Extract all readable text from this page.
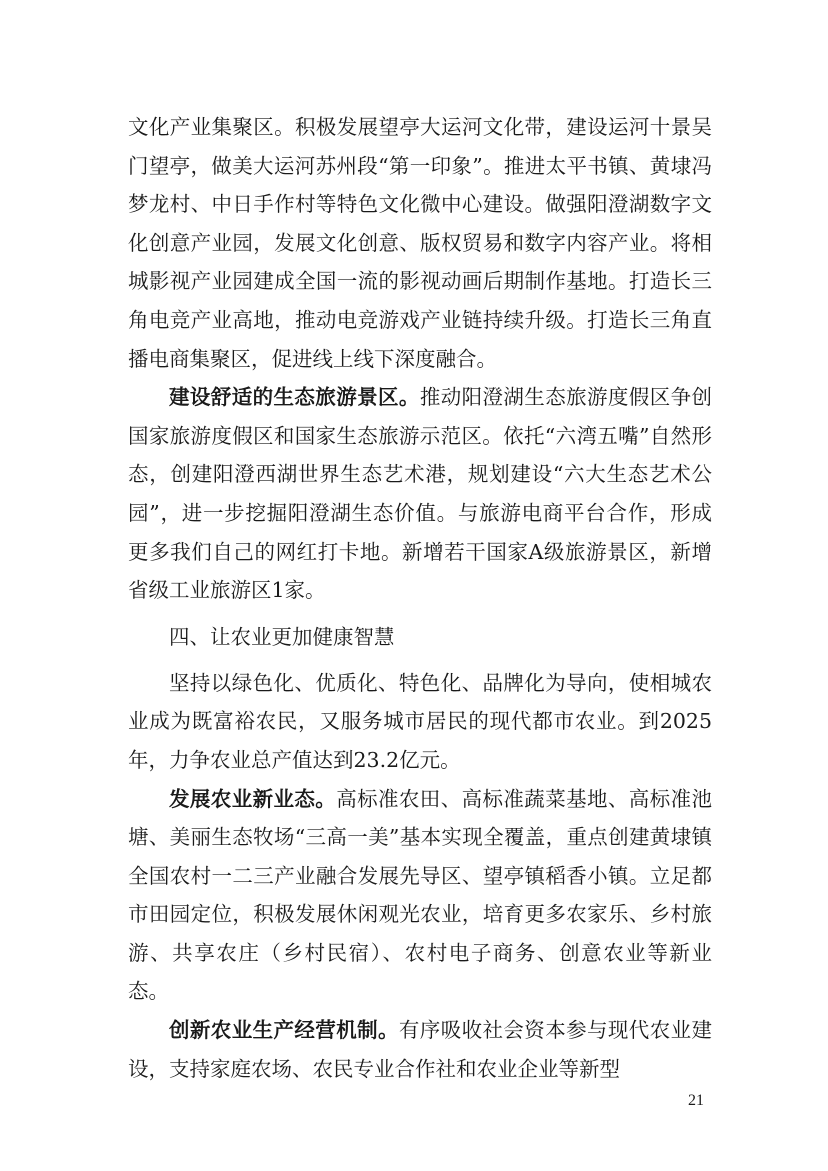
文化产业集聚区。积极发展望亭大运河文化带，建设运河十景吴门望亭，做美大运河苏州段“第一印象”。推进太平书镇、黄埭冯梦龙村、中日手作村等特色文化微中心建设。做强阳澄湖数字文化创意产业园，发展文化创意、版权贸易和数字内容产业。将相城影视产业园建成全国一流的影视动画后期制作基地。打造长三角电竞产业高地，推动电竞游戏产业链持续升级。打造长三角直播电商集聚区，促进线上线下深度融合。

建设舒适的生态旅游景区。推动阳澄湖生态旅游度假区争创国家旅游度假区和国家生态旅游示范区。依托“六湾五嘴”自然形态，创建阳澄西湖世界生态艺术港，规划建设“六大生态艺术公园”，进一步挖掘阳澄湖生态价值。与旅游电商平台合作，形成更多我们自己的网红打卡地。新增若干国家A级旅游景区，新增省级工业旅游区1家。

四、让农业更加健康智慧

坚持以绿色化、优质化、特色化、品牌化为导向，使相城农业成为既富裕农民，又服务城市居民的现代都市农业。到2025年，力争农业总产值达到23.2亿元。

发展农业新业态。高标准农田、高标准蔬菜基地、高标准池塘、美丽生态牧场“三高一美”基本实现全覆盖，重点创建黄埭镇全国农村一二三产业融合发展先导区、望亭镇稻香小镇。立足都市田园定位，积极发展休闲观光农业，培育更多农家乐、乡村旅游、共享农庄（乡村民宿）、农村电子商务、创意农业等新业态。

创新农业生产经营机制。有序吸收社会资本参与现代农业建设，支持家庭农场、农民专业合作社和农业企业等新型

21
